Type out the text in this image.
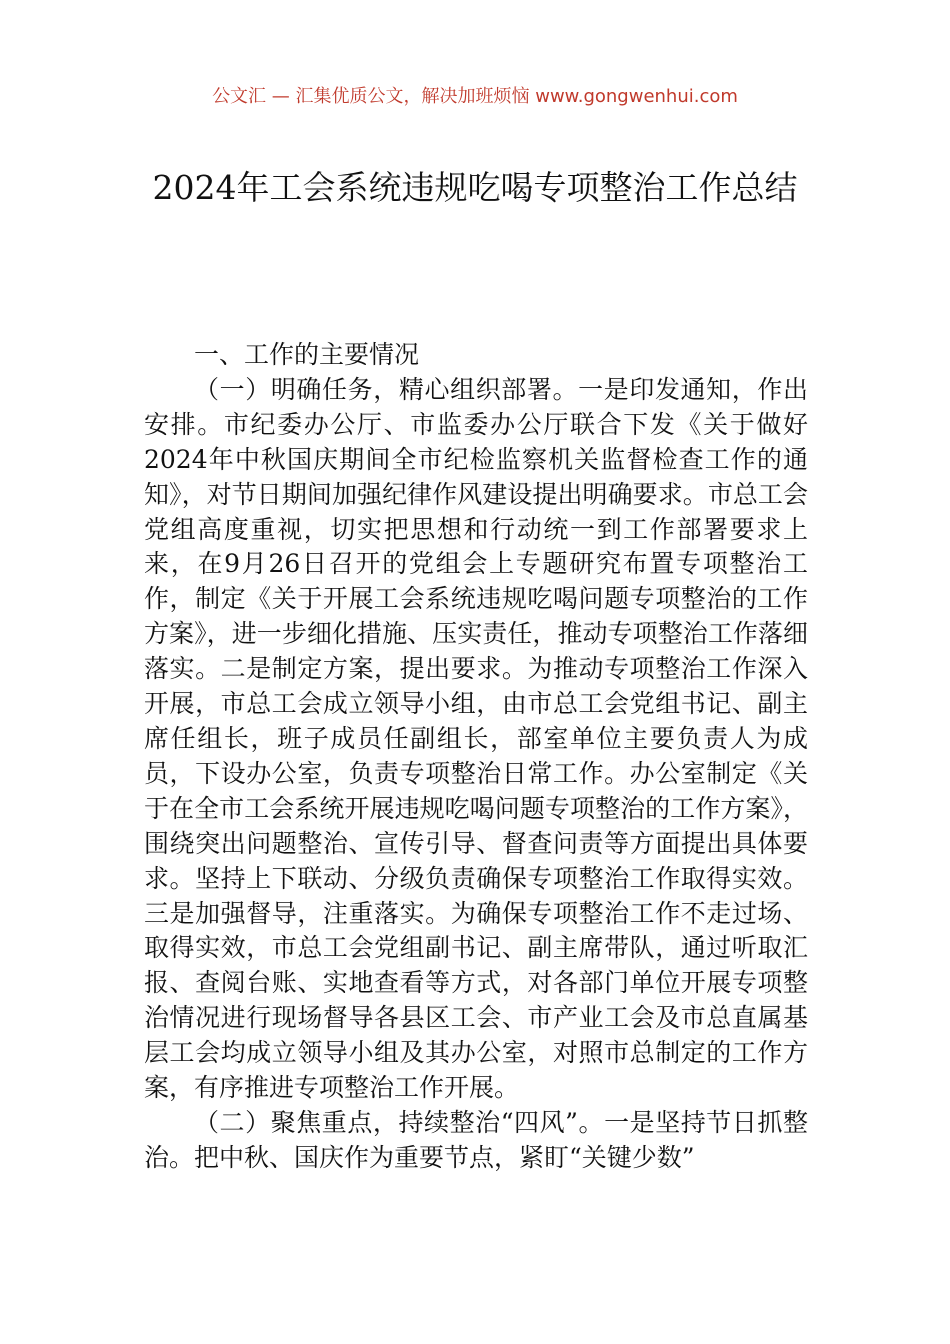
公文汇 — 汇集优质公文，解决加班烦恼 www.gongwenhui.com
2024年工会系统违规吃喝专项整治工作总结

一、工作的主要情况

（一）明确任务，精心组织部署。一是印发通知，作出安排。市纪委办公厅、市监委办公厅联合下发《关于做好2024年中秋国庆期间全市纪检监察机关监督检查工作的通知》，对节日期间加强纪律作风建设提出明确要求。市总工会党组高度重视，切实把思想和行动统一到工作部署要求上来，在9月26日召开的党组会上专题研究布置专项整治工作，制定《关于开展工会系统违规吃喝问题专项整治的工作方案》，进一步细化措施、压实责任，推动专项整治工作落细落实。二是制定方案，提出要求。为推动专项整治工作深入开展，市总工会成立领导小组，由市总工会党组书记、副主席任组长，班子成员任副组长，部室单位主要负责人为成员，下设办公室，负责专项整治日常工作。办公室制定《关于在全市工会系统开展违规吃喝问题专项整治的工作方案》，围绕突出问题整治、宣传引导、督查问责等方面提出具体要求。坚持上下联动、分级负责确保专项整治工作取得实效。三是加强督导，注重落实。为确保专项整治工作不走过场、取得实效，市总工会党组副书记、副主席带队，通过听取汇报、查阅台账、实地查看等方式，对各部门单位开展专项整治情况进行现场督导各县区工会、市产业工会及市总直属基层工会均成立领导小组及其办公室，对照市总制定的工作方案，有序推进专项整治工作开展。

（二）聚焦重点，持续整治“四风”。一是坚持节日抓整治。把中秋、国庆作为重要节点，紧盯“关键少数”
